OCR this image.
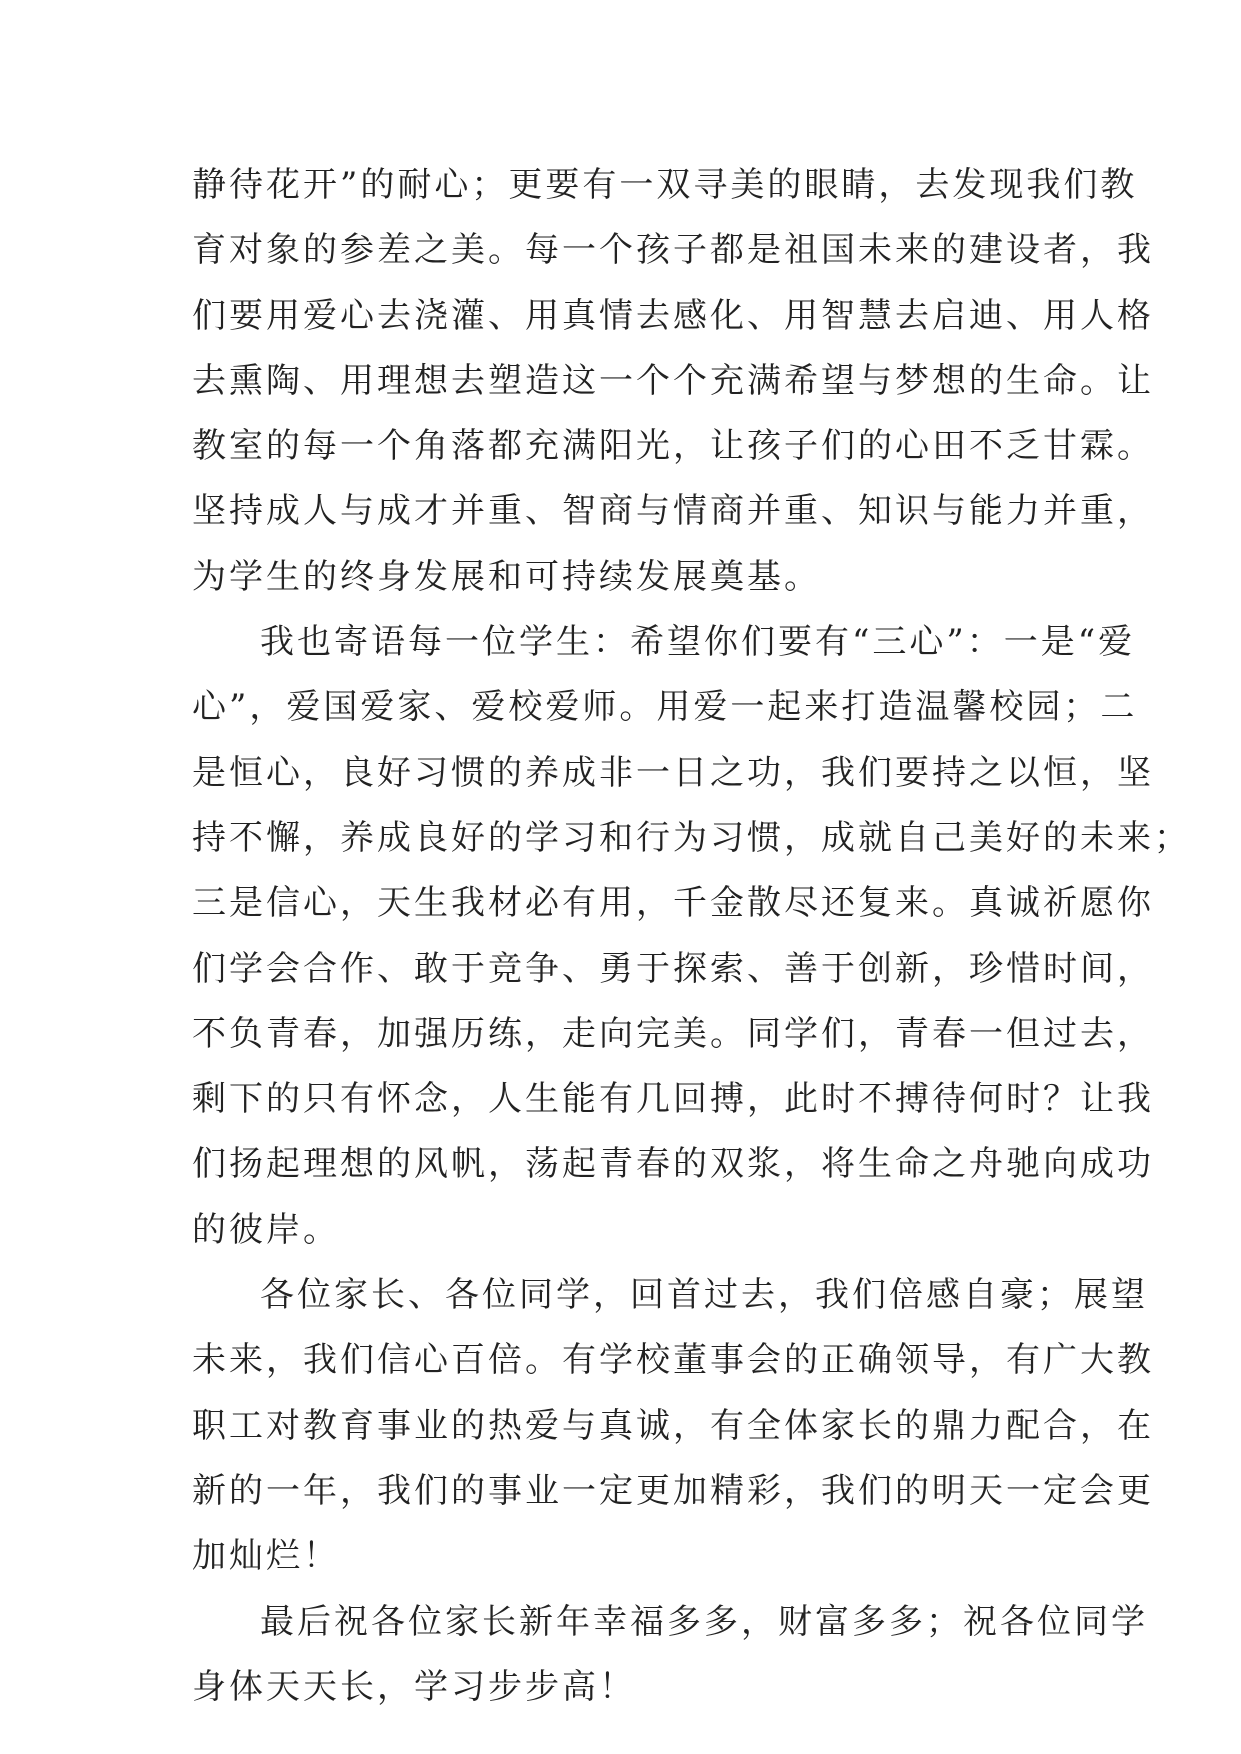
静待花开”的耐心；更要有一双寻美的眼睛，去发现我们教
育对象的参差之美。每一个孩子都是祖国未来的建设者，我
们要用爱心去浇灌、用真情去感化、用智慧去启迪、用人格
去熏陶、用理想去塑造这一个个充满希望与梦想的生命。让
教室的每一个角落都充满阳光，让孩子们的心田不乏甘霖。
坚持成人与成才并重、智商与情商并重、知识与能力并重，
为学生的终身发展和可持续发展奠基。
我也寄语每一位学生：希望你们要有“三心”：一是“爱
心”，爱国爱家、爱校爱师。用爱一起来打造温馨校园；二
是恒心，良好习惯的养成非一日之功，我们要持之以恒，坚
持不懈，养成良好的学习和行为习惯，成就自己美好的未来；
三是信心，天生我材必有用，千金散尽还复来。真诚祈愿你
们学会合作、敢于竞争、勇于探索、善于创新，珍惜时间，
不负青春，加强历练，走向完美。同学们，青春一但过去，
剩下的只有怀念，人生能有几回搏，此时不搏待何时？让我
们扬起理想的风帆，荡起青春的双浆，将生命之舟驰向成功
的彼岸。
各位家长、各位同学，回首过去，我们倍感自豪；展望
未来，我们信心百倍。有学校董事会的正确领导，有广大教
职工对教育事业的热爱与真诚，有全体家长的鼎力配合，在
新的一年，我们的事业一定更加精彩，我们的明天一定会更
加灿烂！
最后祝各位家长新年幸福多多，财富多多；祝各位同学
身体天天长，学习步步高！
